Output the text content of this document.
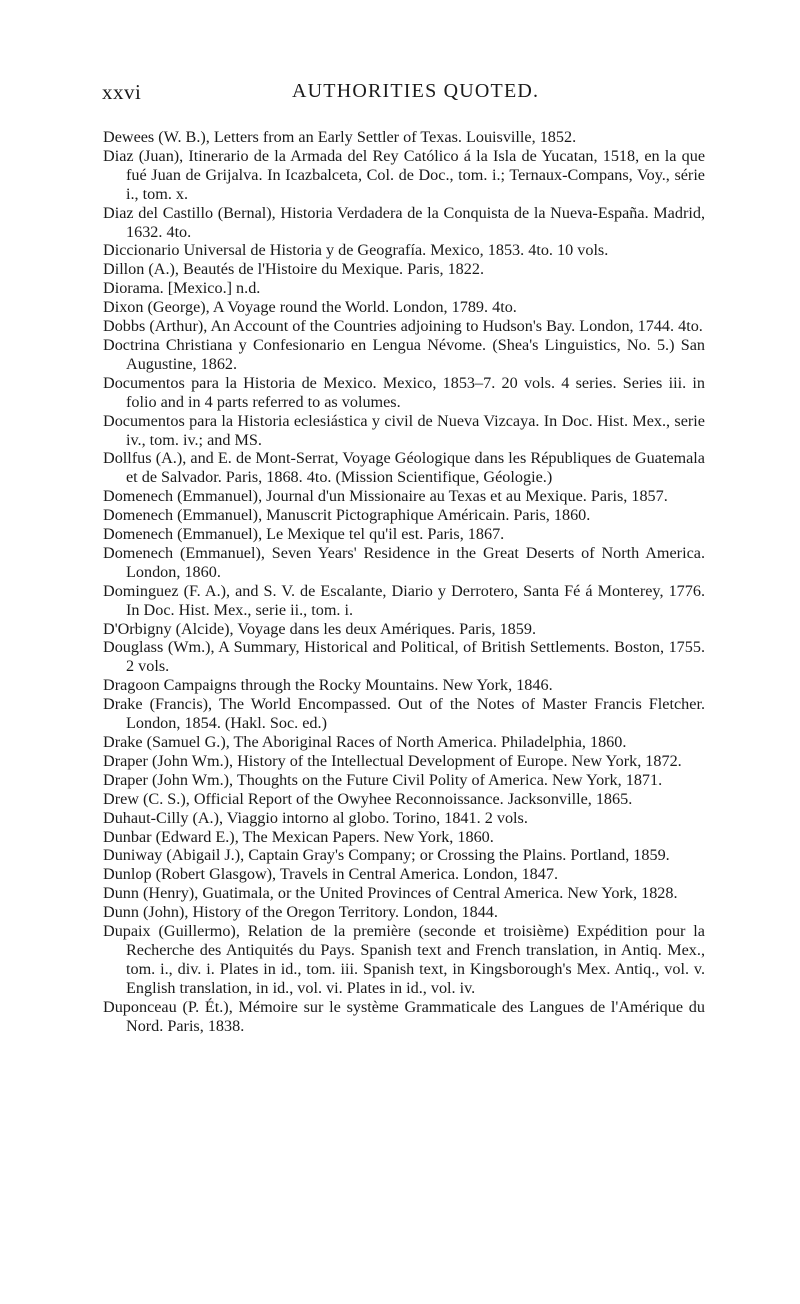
xxvi	AUTHORITIES QUOTED.
Dewees (W. B.), Letters from an Early Settler of Texas. Louisville, 1852.
Diaz (Juan), Itinerario de la Armada del Rey Católico á la Isla de Yucatan, 1518, en la que fué Juan de Grijalva. In Icazbalceta, Col. de Doc., tom. i.; Ternaux-Compans, Voy., série i., tom. x.
Diaz del Castillo (Bernal), Historia Verdadera de la Conquista de la Nueva-España. Madrid, 1632. 4to.
Diccionario Universal de Historia y de Geografía. Mexico, 1853. 4to. 10 vols.
Dillon (A.), Beautés de l'Histoire du Mexique. Paris, 1822.
Diorama. [Mexico.] n.d.
Dixon (George), A Voyage round the World. London, 1789. 4to.
Dobbs (Arthur), An Account of the Countries adjoining to Hudson's Bay. London, 1744. 4to.
Doctrina Christiana y Confesionario en Lengua Névome. (Shea's Linguistics, No. 5.) San Augustine, 1862.
Documentos para la Historia de Mexico. Mexico, 1853–7. 20 vols. 4 series. Series iii. in folio and in 4 parts referred to as volumes.
Documentos para la Historia eclesiástica y civil de Nueva Vizcaya. In Doc. Hist. Mex., serie iv., tom. iv.; and MS.
Dollfus (A.), and E. de Mont-Serrat, Voyage Géologique dans les Républiques de Guatemala et de Salvador. Paris, 1868. 4to. (Mission Scientifique, Géologie.)
Domenech (Emmanuel), Journal d'un Missionaire au Texas et au Mexique. Paris, 1857.
Domenech (Emmanuel), Manuscrit Pictographique Américain. Paris, 1860.
Domenech (Emmanuel), Le Mexique tel qu'il est. Paris, 1867.
Domenech (Emmanuel), Seven Years' Residence in the Great Deserts of North America. London, 1860.
Dominguez (F. A.), and S. V. de Escalante, Diario y Derrotero, Santa Fé á Monterey, 1776. In Doc. Hist. Mex., serie ii., tom. i.
D'Orbigny (Alcide), Voyage dans les deux Amériques. Paris, 1859.
Douglass (Wm.), A Summary, Historical and Political, of British Settlements. Boston, 1755. 2 vols.
Dragoon Campaigns through the Rocky Mountains. New York, 1846.
Drake (Francis), The World Encompassed. Out of the Notes of Master Francis Fletcher. London, 1854. (Hakl. Soc. ed.)
Drake (Samuel G.), The Aboriginal Races of North America. Philadelphia, 1860.
Draper (John Wm.), History of the Intellectual Development of Europe. New York, 1872.
Draper (John Wm.), Thoughts on the Future Civil Polity of America. New York, 1871.
Drew (C. S.), Official Report of the Owyhee Reconnoissance. Jacksonville, 1865.
Duhaut-Cilly (A.), Viaggio intorno al globo. Torino, 1841. 2 vols.
Dunbar (Edward E.), The Mexican Papers. New York, 1860.
Duniway (Abigail J.), Captain Gray's Company; or Crossing the Plains. Portland, 1859.
Dunlop (Robert Glasgow), Travels in Central America. London, 1847.
Dunn (Henry), Guatimala, or the United Provinces of Central America. New York, 1828.
Dunn (John), History of the Oregon Territory. London, 1844.
Dupaix (Guillermo), Relation de la première (seconde et troisième) Expédition pour la Recherche des Antiquités du Pays. Spanish text and French translation, in Antiq. Mex., tom. i., div. i. Plates in id., tom. iii. Spanish text, in Kingsborough's Mex. Antiq., vol. v. English translation, in id., vol. vi. Plates in id., vol. iv.
Duponceau (P. Ét.), Mémoire sur le système Grammaticale des Langues de l'Amérique du Nord. Paris, 1838.
